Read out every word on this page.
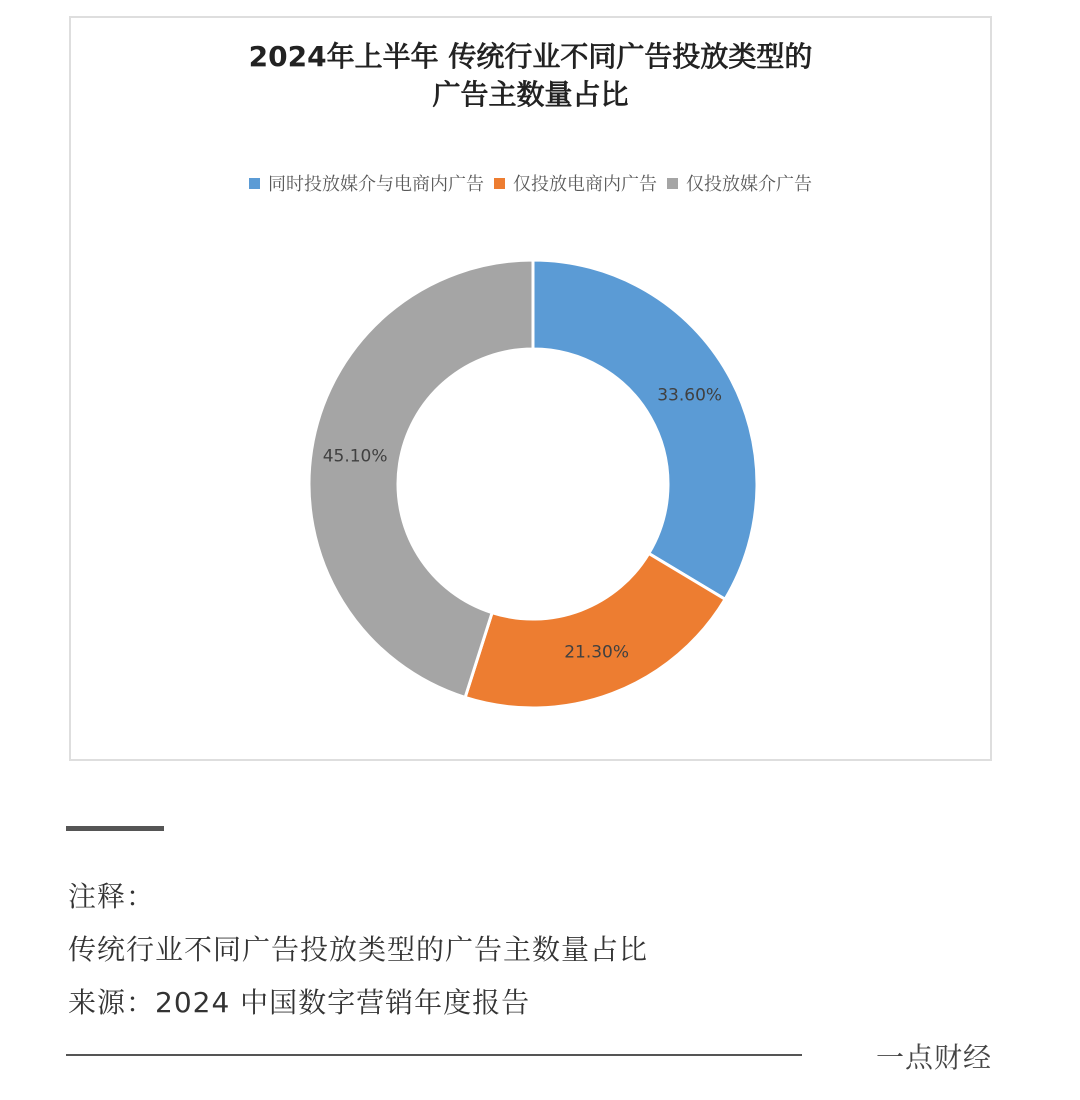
2024年上半年 传统行业不同广告投放类型的
广告主数量占比
同时投放媒介与电商内广告 仅投放电商内广告 仅投放媒介广告
33.60%
21.30%
45.10%
注释：
传统行业不同广告投放类型的广告主数量占比
来源：2024 中国数字营销年度报告
一点财经
